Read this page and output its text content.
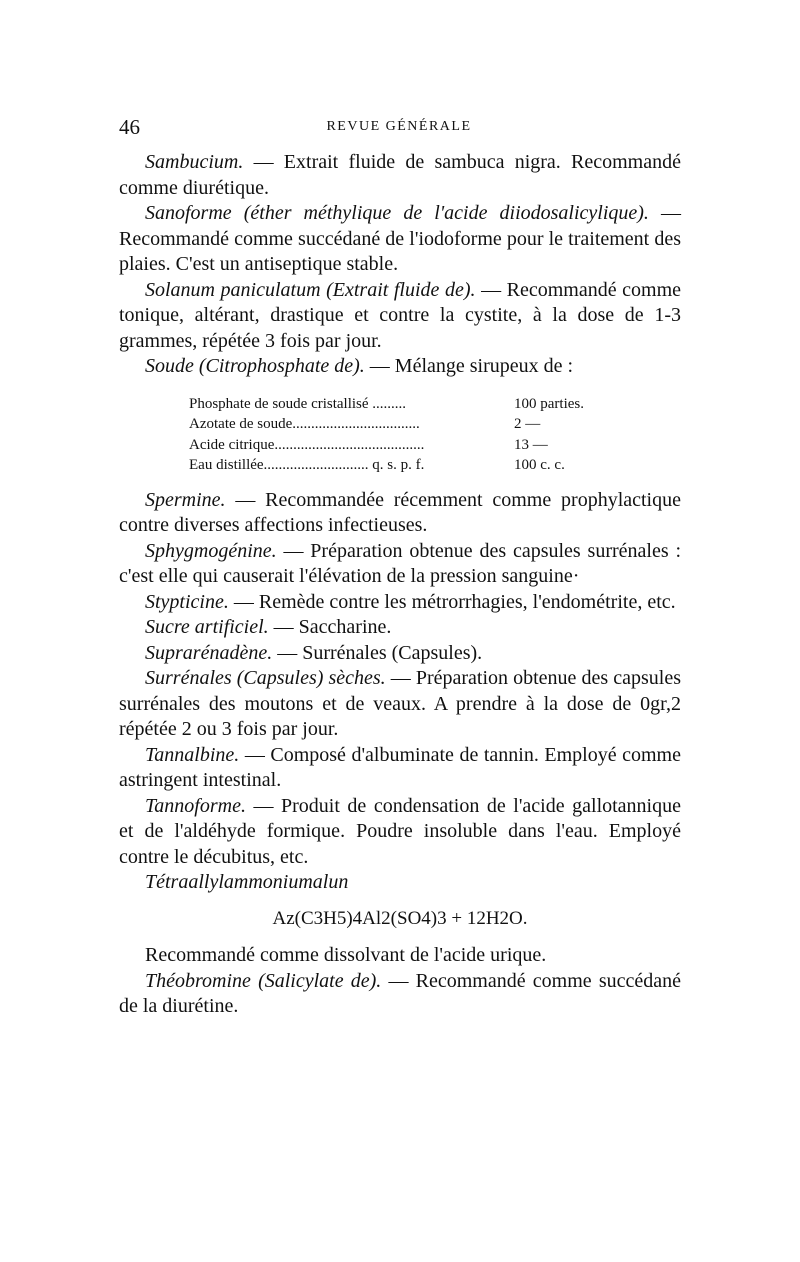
46	REVUE GÉNÉRALE

Sambucium. — Extrait fluide de sambuca nigra. Recommandé comme diurétique.

Sanoforme (éther méthylique de l'acide diiodosalicylique). — Recommandé comme succédané de l'iodoforme pour le traitement des plaies. C'est un antiseptique stable.

Solanum paniculatum (Extrait fluide de). — Recommandé comme tonique, altérant, drastique et contre la cystite, à la dose de 1-3 grammes, répétée 3 fois par jour.

Soude (Citrophosphate de). — Mélange sirupeux de :

Phosphate de soude cristallisé .........	100 parties.
Azotate de soude..................................	2 —
Acide citrique........................................	13 —
Eau distillée............................ q. s. p. f.	100 c. c.

Spermine. — Recommandée récemment comme prophylactique contre diverses affections infectieuses.

Sphygmogénine. — Préparation obtenue des capsules surrénales : c'est elle qui causerait l'élévation de la pression sanguine·

Stypticine. — Remède contre les métrorrhagies, l'endométrite, etc.

Sucre artificiel. — Saccharine.

Suprarénadène. — Surrénales (Capsules).

Surrénales (Capsules) sèches. — Préparation obtenue des capsules surrénales des moutons et de veaux. A prendre à la dose de 0gr,2 répétée 2 ou 3 fois par jour.

Tannalbine. — Composé d'albuminate de tannin. Employé comme astringent intestinal.

Tannoforme. — Produit de condensation de l'acide gallotannique et de l'aldéhyde formique. Poudre insoluble dans l'eau. Employé contre le décubitus, etc.

Tétraallylammoniumalun

Az(C3H5)4Al2(SO4)3 + 12H2O.

Recommandé comme dissolvant de l'acide urique.

Théobromine (Salicylate de). — Recommandé comme succédané de la diurétine.
